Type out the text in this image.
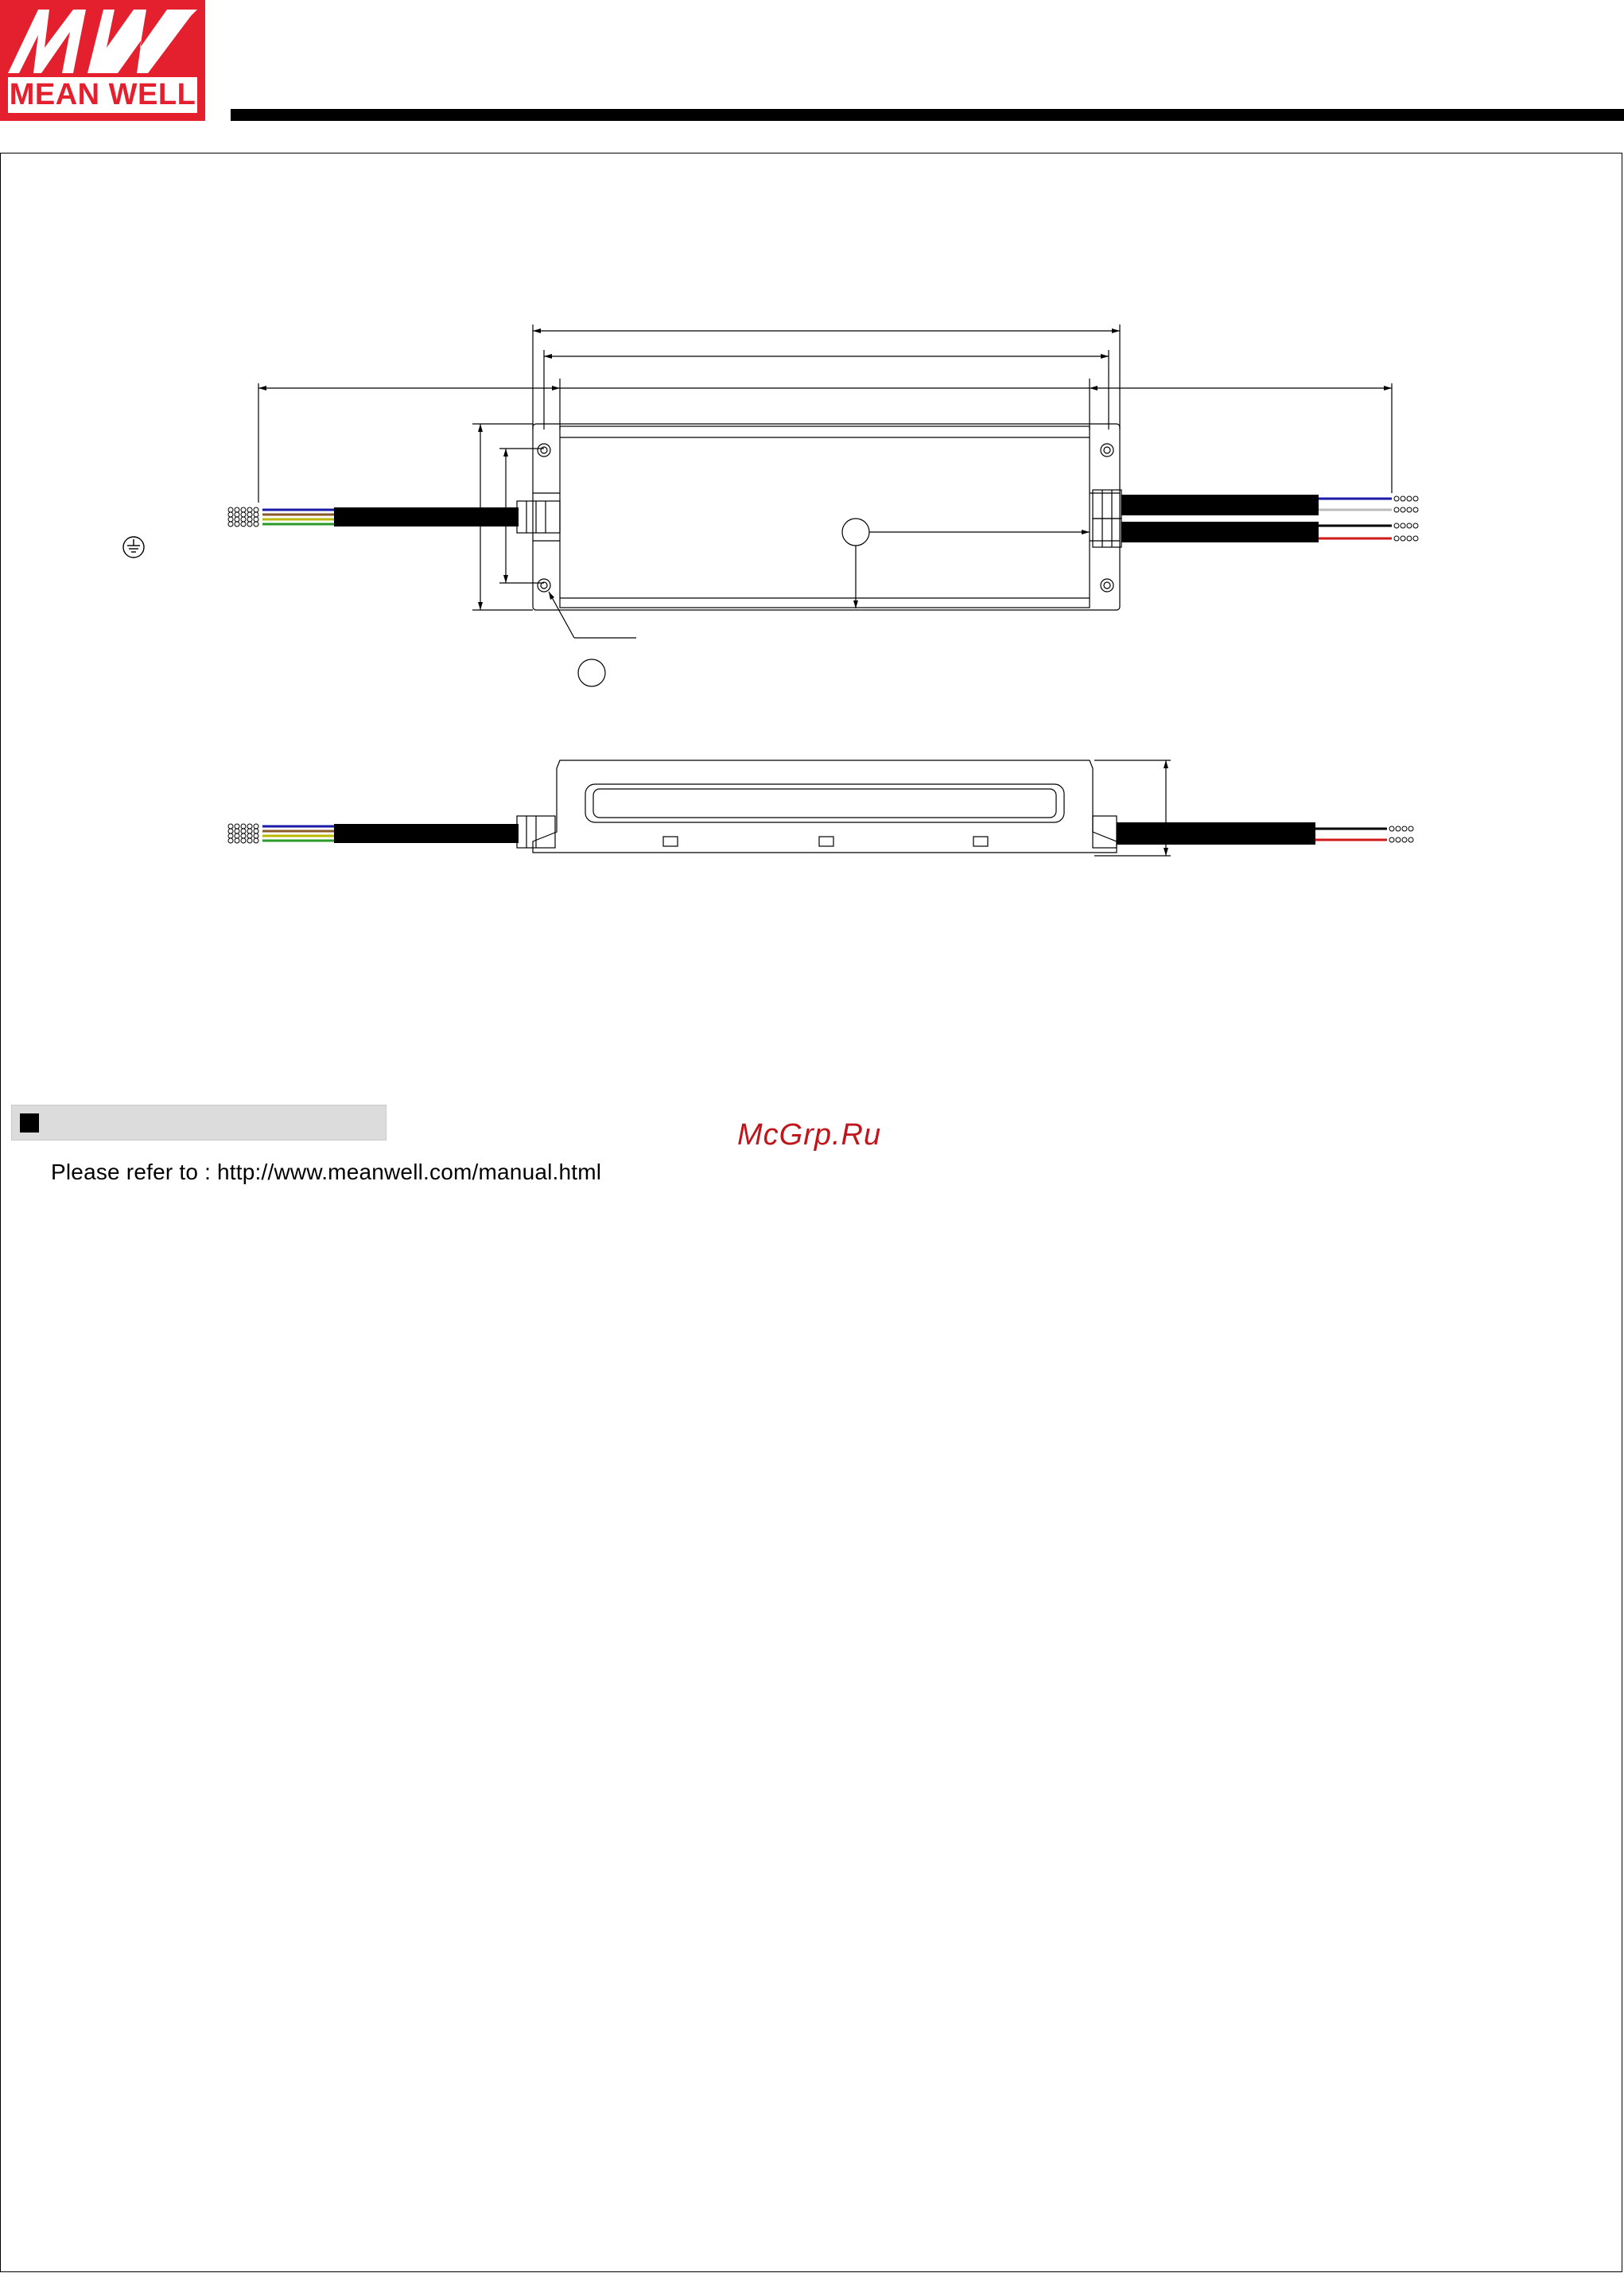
MEAN WELL
Please refer to : http://www.meanwell.com/manual.html
McGrp.Ru
